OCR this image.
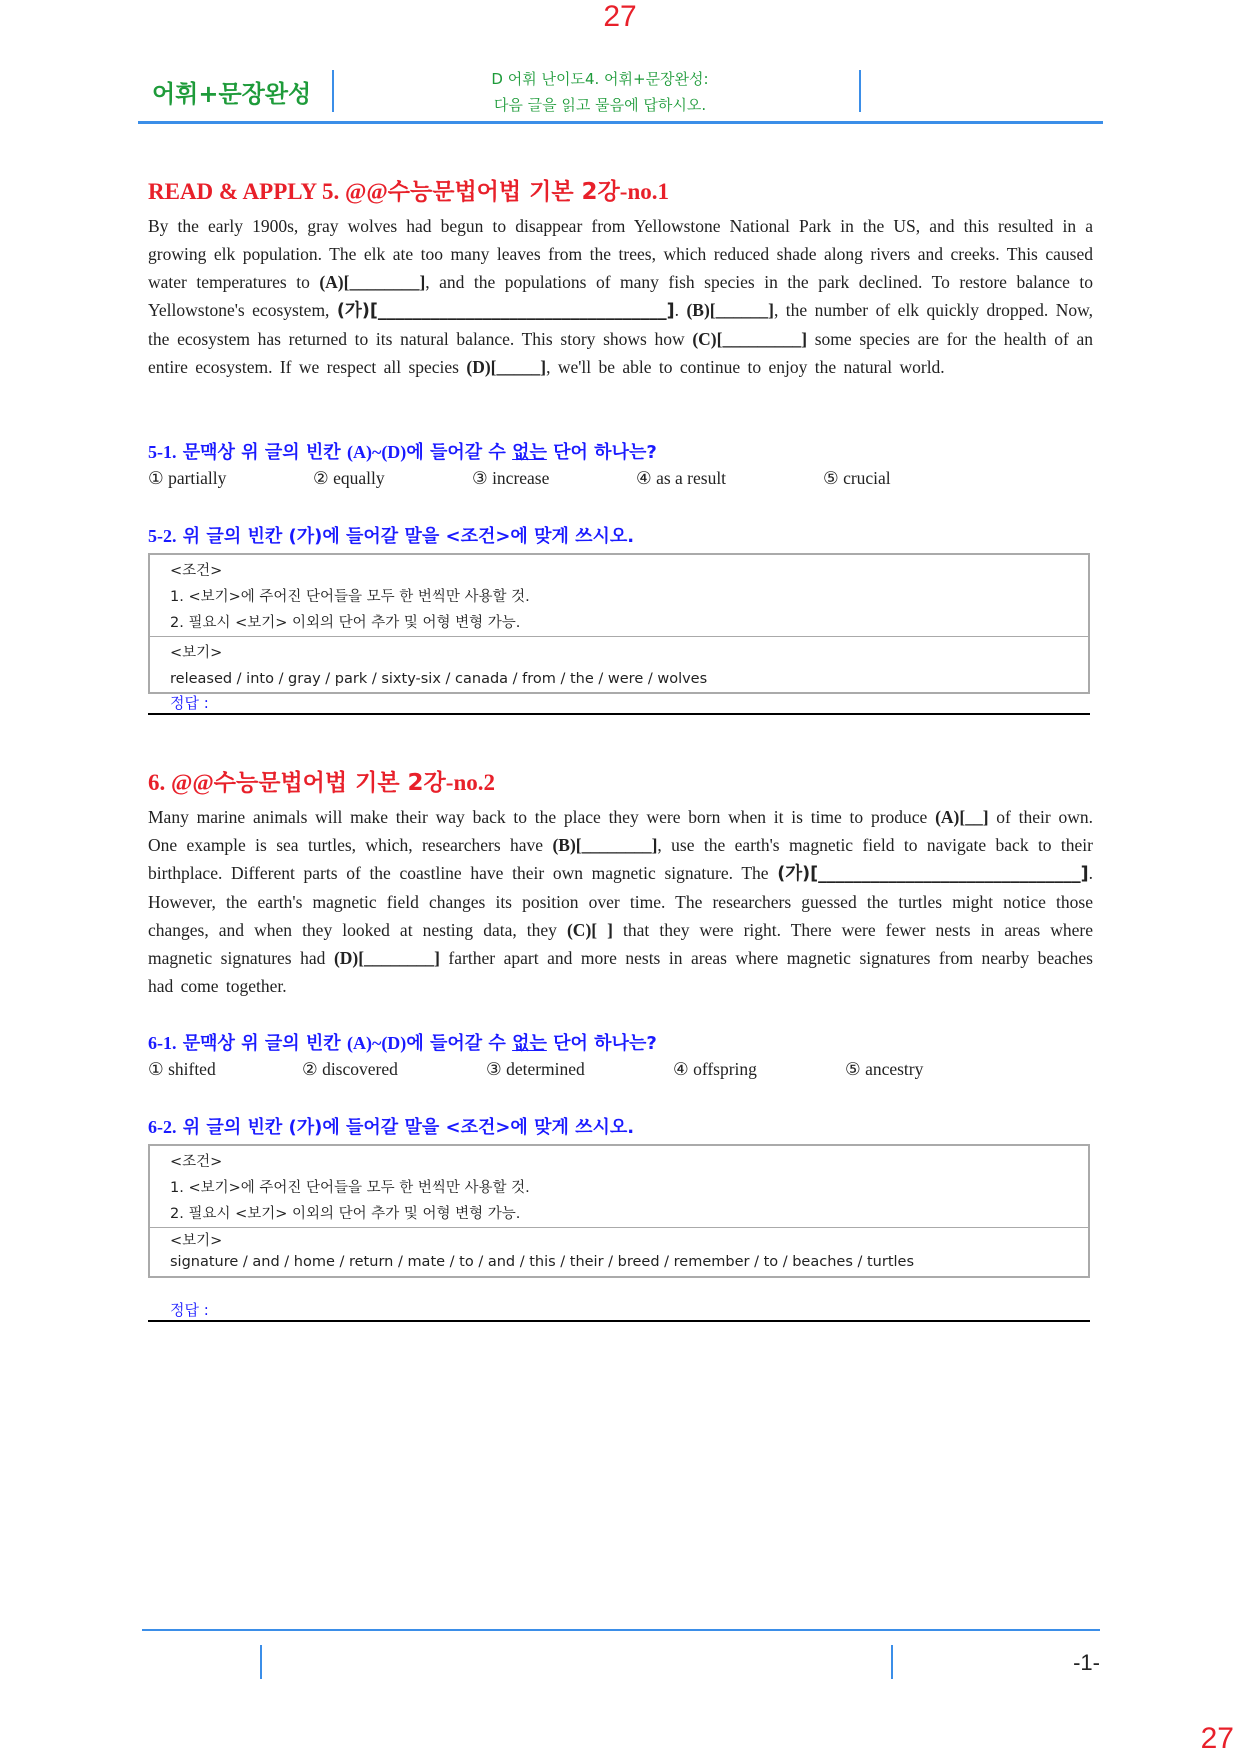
27
27
어휘+문장완성
D 어휘 난이도4. 어휘+문장완성:
다음 글을 읽고 물음에 답하시오.
READ & APPLY 5. @@수능문법어법 기본 2강-no.1
By the early 1900s, gray wolves had begun to disappear from Yellowstone National Park in the US, and this resulted in a growing elk population. The elk ate too many leaves from the trees, which reduced shade along rivers and creeks. This caused water temperatures to (A)[________], and the populations of many fish species in the park declined. To restore balance to Yellowstone's ecosystem, (가)[_________________________________]. (B)[______], the number of elk quickly dropped. Now, the ecosystem has returned to its natural balance. This story shows how (C)[_________] some species are for the health of an entire ecosystem. If we respect all species (D)[_____], we'll be able to continue to enjoy the natural world.
5-1. 문맥상 위 글의 빈칸 (A)~(D)에 들어갈 수 없는 단어 하나는?
① partially	② equally	③ increase	④ as a result	⑤ crucial
5-2. 위 글의 빈칸 (가)에 들어갈 말을 <조건>에 맞게 쓰시오.
<조건>
1. <보기>에 주어진 단어들을 모두 한 번씩만 사용할 것.
2. 필요시 <보기> 이외의 단어 추가 및 어형 변형 가능.
<보기>
released / into / gray / park / sixty-six / canada / from / the / were / wolves
정답 :
6. @@수능문법어법 기본 2강-no.2
Many marine animals will make their way back to the place they were born when it is time to produce (A)[__] of their own. One example is sea turtles, which, researchers have (B)[________], use the earth's magnetic field to navigate back to their birthplace. Different parts of the coastline have their own magnetic signature. The (가)[______________________________]. However, the earth's magnetic field changes its position over time. The researchers guessed the turtles might notice those changes, and when they looked at nesting data, they (C)[ ] that they were right. There were fewer nests in areas where magnetic signatures had (D)[________] farther apart and more nests in areas where magnetic signatures from nearby beaches had come together.
6-1. 문맥상 위 글의 빈칸 (A)~(D)에 들어갈 수 없는 단어 하나는?
① shifted	② discovered	③ determined	④ offspring	⑤ ancestry
6-2. 위 글의 빈칸 (가)에 들어갈 말을 <조건>에 맞게 쓰시오.
<조건>
1. <보기>에 주어진 단어들을 모두 한 번씩만 사용할 것.
2. 필요시 <보기> 이외의 단어 추가 및 어형 변형 가능.
<보기>
signature / and / home / return / mate / to / and / this / their / breed / remember / to / beaches / turtles
정답 :
-1-
